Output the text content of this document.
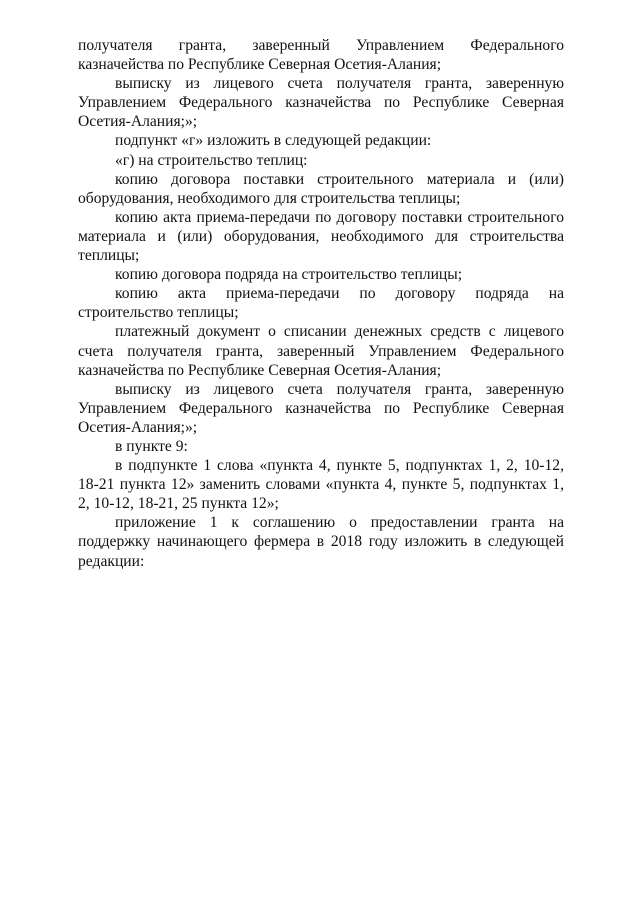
получателя гранта, заверенный Управлением Федерального казначейства по Республике Северная Осетия-Алания;

выписку из лицевого счета получателя гранта, заверенную Управлением Федерального казначейства по Республике Северная Осетия-Алания;»;

подпункт «г» изложить в следующей редакции:

«г) на строительство теплиц:

копию договора поставки строительного материала и (или) оборудования, необходимого для строительства теплицы;

копию акта приема-передачи по договору поставки строительного материала и (или) оборудования, необходимого для строительства теплицы;

копию договора подряда на строительство теплицы;

копию акта приема-передачи по договору подряда на строительство теплицы;

платежный документ о списании денежных средств с лицевого счета получателя гранта, заверенный Управлением Федерального казначейства по Республике Северная Осетия-Алания;

выписку из лицевого счета получателя гранта, заверенную Управлением Федерального казначейства по Республике Северная Осетия-Алания;»;

в пункте 9:

в подпункте 1 слова «пункта 4, пункте 5, подпунктах 1, 2, 10-12, 18-21 пункта 12» заменить словами «пункта 4, пункте 5, подпунктах 1, 2, 10-12, 18-21, 25 пункта 12»;

приложение 1 к соглашению о предоставлении гранта на поддержку начинающего фермера в 2018 году изложить в следующей редакции:
